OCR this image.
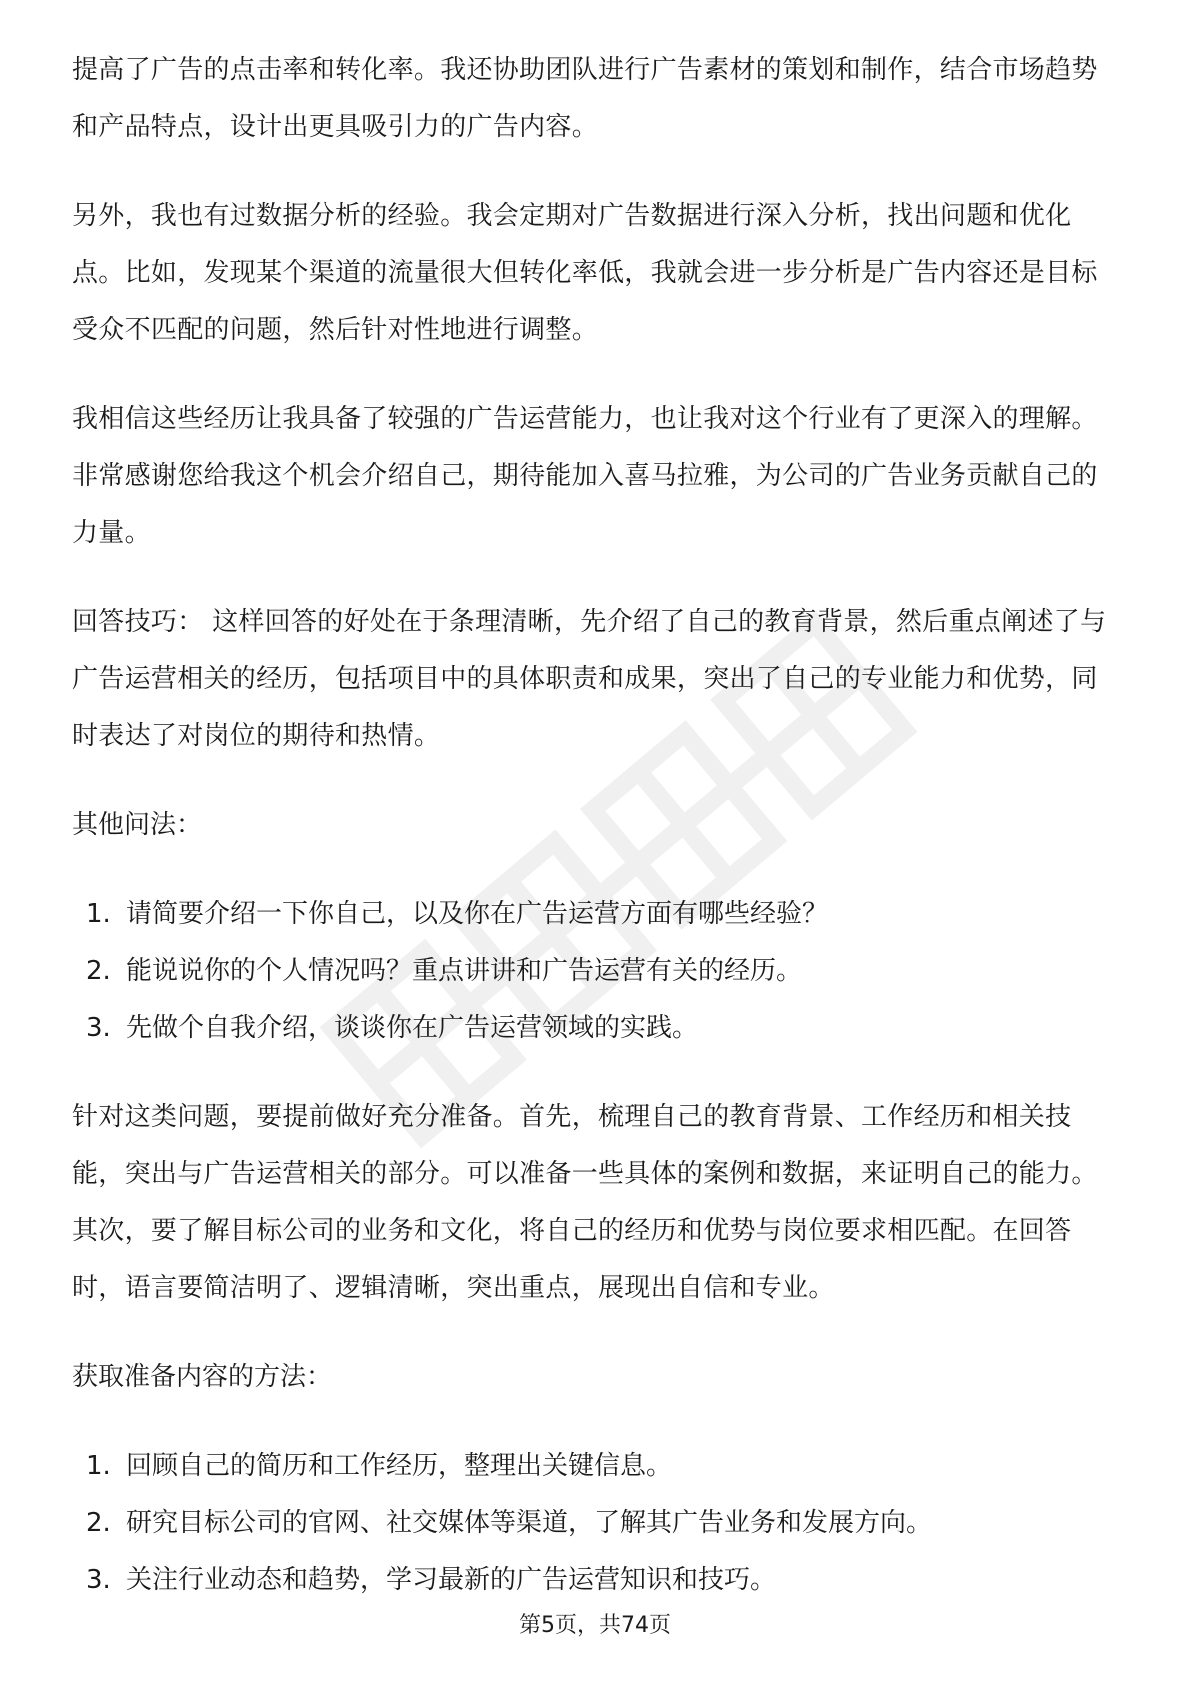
提高了广告的点击率和转化率。我还协助团队进行广告素材的策划和制作，结合市场趋势和产品特点，设计出更具吸引力的广告内容。

另外，我也有过数据分析的经验。我会定期对广告数据进行深入分析，找出问题和优化点。比如，发现某个渠道的流量很大但转化率低，我就会进一步分析是广告内容还是目标受众不匹配的问题，然后针对性地进行调整。

我相信这些经历让我具备了较强的广告运营能力，也让我对这个行业有了更深入的理解。非常感谢您给我这个机会介绍自己，期待能加入喜马拉雅，为公司的广告业务贡献自己的力量。

回答技巧： 这样回答的好处在于条理清晰，先介绍了自己的教育背景，然后重点阐述了与广告运营相关的经历，包括项目中的具体职责和成果，突出了自己的专业能力和优势，同时表达了对岗位的期待和热情。

其他问法：

1. 请简要介绍一下你自己，以及你在广告运营方面有哪些经验？
2. 能说说你的个人情况吗？重点讲讲和广告运营有关的经历。
3. 先做个自我介绍，谈谈你在广告运营领域的实践。

针对这类问题，要提前做好充分准备。首先，梳理自己的教育背景、工作经历和相关技能，突出与广告运营相关的部分。可以准备一些具体的案例和数据，来证明自己的能力。其次，要了解目标公司的业务和文化，将自己的经历和优势与岗位要求相匹配。在回答时，语言要简洁明了、逻辑清晰，突出重点，展现出自信和专业。

获取准备内容的方法：

1. 回顾自己的简历和工作经历，整理出关键信息。
2. 研究目标公司的官网、社交媒体等渠道，了解其广告业务和发展方向。
3. 关注行业动态和趋势，学习最新的广告运营知识和技巧。
第5页，共74页
